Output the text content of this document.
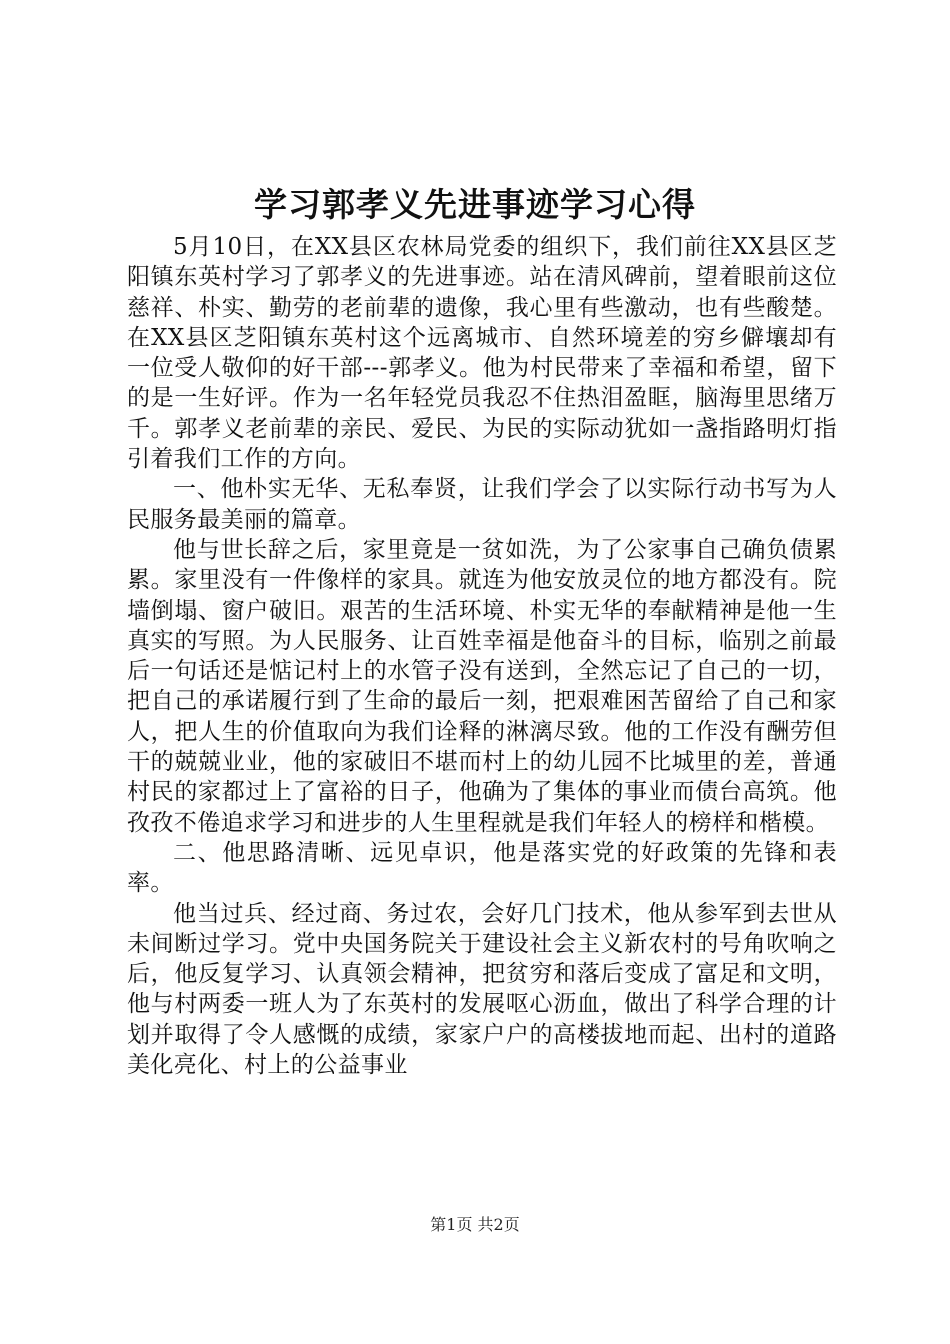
学习郭孝义先进事迹学习心得

5月10日，在XX县区农林局党委的组织下，我们前往XX县区芝阳镇东英村学习了郭孝义的先进事迹。站在清风碑前，望着眼前这位慈祥、朴实、勤劳的老前辈的遗像，我心里有些激动，也有些酸楚。在XX县区芝阳镇东英村这个远离城市、自然环境差的穷乡僻壤却有一位受人敬仰的好干部---郭孝义。他为村民带来了幸福和希望，留下的是一生好评。作为一名年轻党员我忍不住热泪盈眶，脑海里思绪万千。郭孝义老前辈的亲民、爱民、为民的实际动犹如一盏指路明灯指引着我们工作的方向。

一、他朴实无华、无私奉贤，让我们学会了以实际行动书写为人民服务最美丽的篇章。

他与世长辞之后，家里竟是一贫如洗，为了公家事自己确负债累累。家里没有一件像样的家具。就连为他安放灵位的地方都没有。院墙倒塌、窗户破旧。艰苦的生活环境、朴实无华的奉献精神是他一生真实的写照。为人民服务、让百姓幸福是他奋斗的目标，临别之前最后一句话还是惦记村上的水管子没有送到，全然忘记了自己的一切，把自己的承诺履行到了生命的最后一刻，把艰难困苦留给了自己和家人，把人生的价值取向为我们诠释的淋漓尽致。他的工作没有酬劳但干的兢兢业业，他的家破旧不堪而村上的幼儿园不比城里的差，普通村民的家都过上了富裕的日子，他确为了集体的事业而债台高筑。他孜孜不倦追求学习和进步的人生里程就是我们年轻人的榜样和楷模。

二、他思路清晰、远见卓识，他是落实党的好政策的先锋和表率。

他当过兵、经过商、务过农，会好几门技术，他从参军到去世从未间断过学习。党中央国务院关于建设社会主义新农村的号角吹响之后，他反复学习、认真领会精神，把贫穷和落后变成了富足和文明，他与村两委一班人为了东英村的发展呕心沥血，做出了科学合理的计划并取得了令人感慨的成绩，家家户户的高楼拔地而起、出村的道路美化亮化、村上的公益事业

第1页 共2页
